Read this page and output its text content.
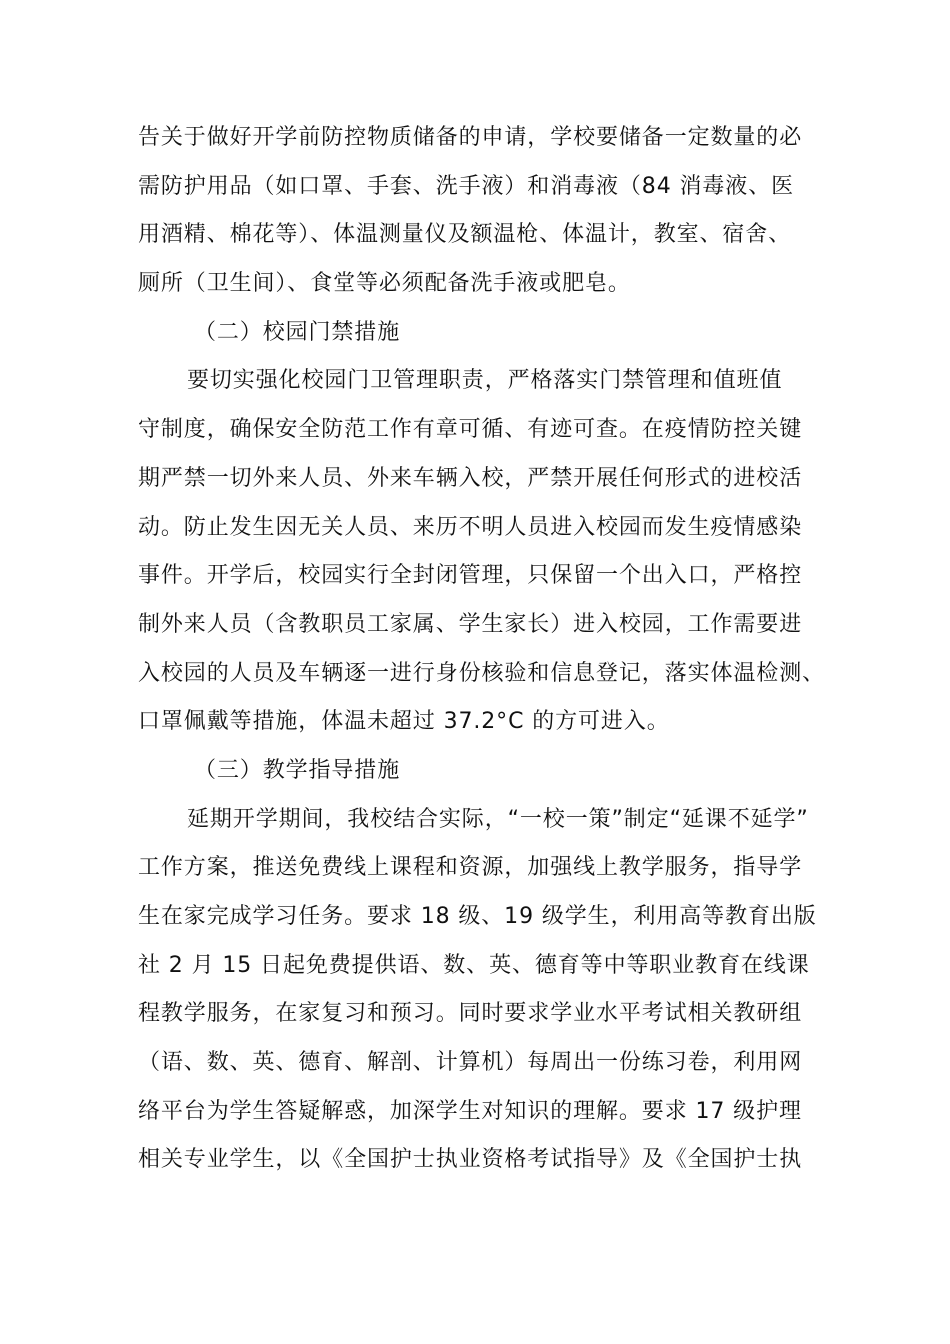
告关于做好开学前防控物质储备的申请，学校要储备一定数量的必
需防护用品（如口罩、手套、洗手液）和消毒液（84 消毒液、医
用酒精、棉花等）、体温测量仪及额温枪、体温计，教室、宿舍、
厕所（卫生间）、食堂等必须配备洗手液或肥皂。
（二）校园门禁措施
要切实强化校园门卫管理职责，严格落实门禁管理和值班值
守制度，确保安全防范工作有章可循、有迹可查。在疫情防控关键
期严禁一切外来人员、外来车辆入校，严禁开展任何形式的进校活
动。防止发生因无关人员、来历不明人员进入校园而发生疫情感染
事件。开学后，校园实行全封闭管理，只保留一个出入口，严格控
制外来人员（含教职员工家属、学生家长）进入校园，工作需要进
入校园的人员及车辆逐一进行身份核验和信息登记，落实体温检测、
口罩佩戴等措施，体温未超过 37.2°C 的方可进入。
（三）教学指导措施
延期开学期间，我校结合实际，“一校一策”制定“延课不延学”
工作方案，推送免费线上课程和资源，加强线上教学服务，指导学
生在家完成学习任务。要求 18 级、19 级学生，利用高等教育出版
社 2 月 15 日起免费提供语、数、英、德育等中等职业教育在线课
程教学服务，在家复习和预习。同时要求学业水平考试相关教研组
（语、数、英、德育、解剖、计算机）每周出一份练习卷，利用网
络平台为学生答疑解惑，加深学生对知识的理解。要求 17 级护理
相关专业学生，以《全国护士执业资格考试指导》及《全国护士执
